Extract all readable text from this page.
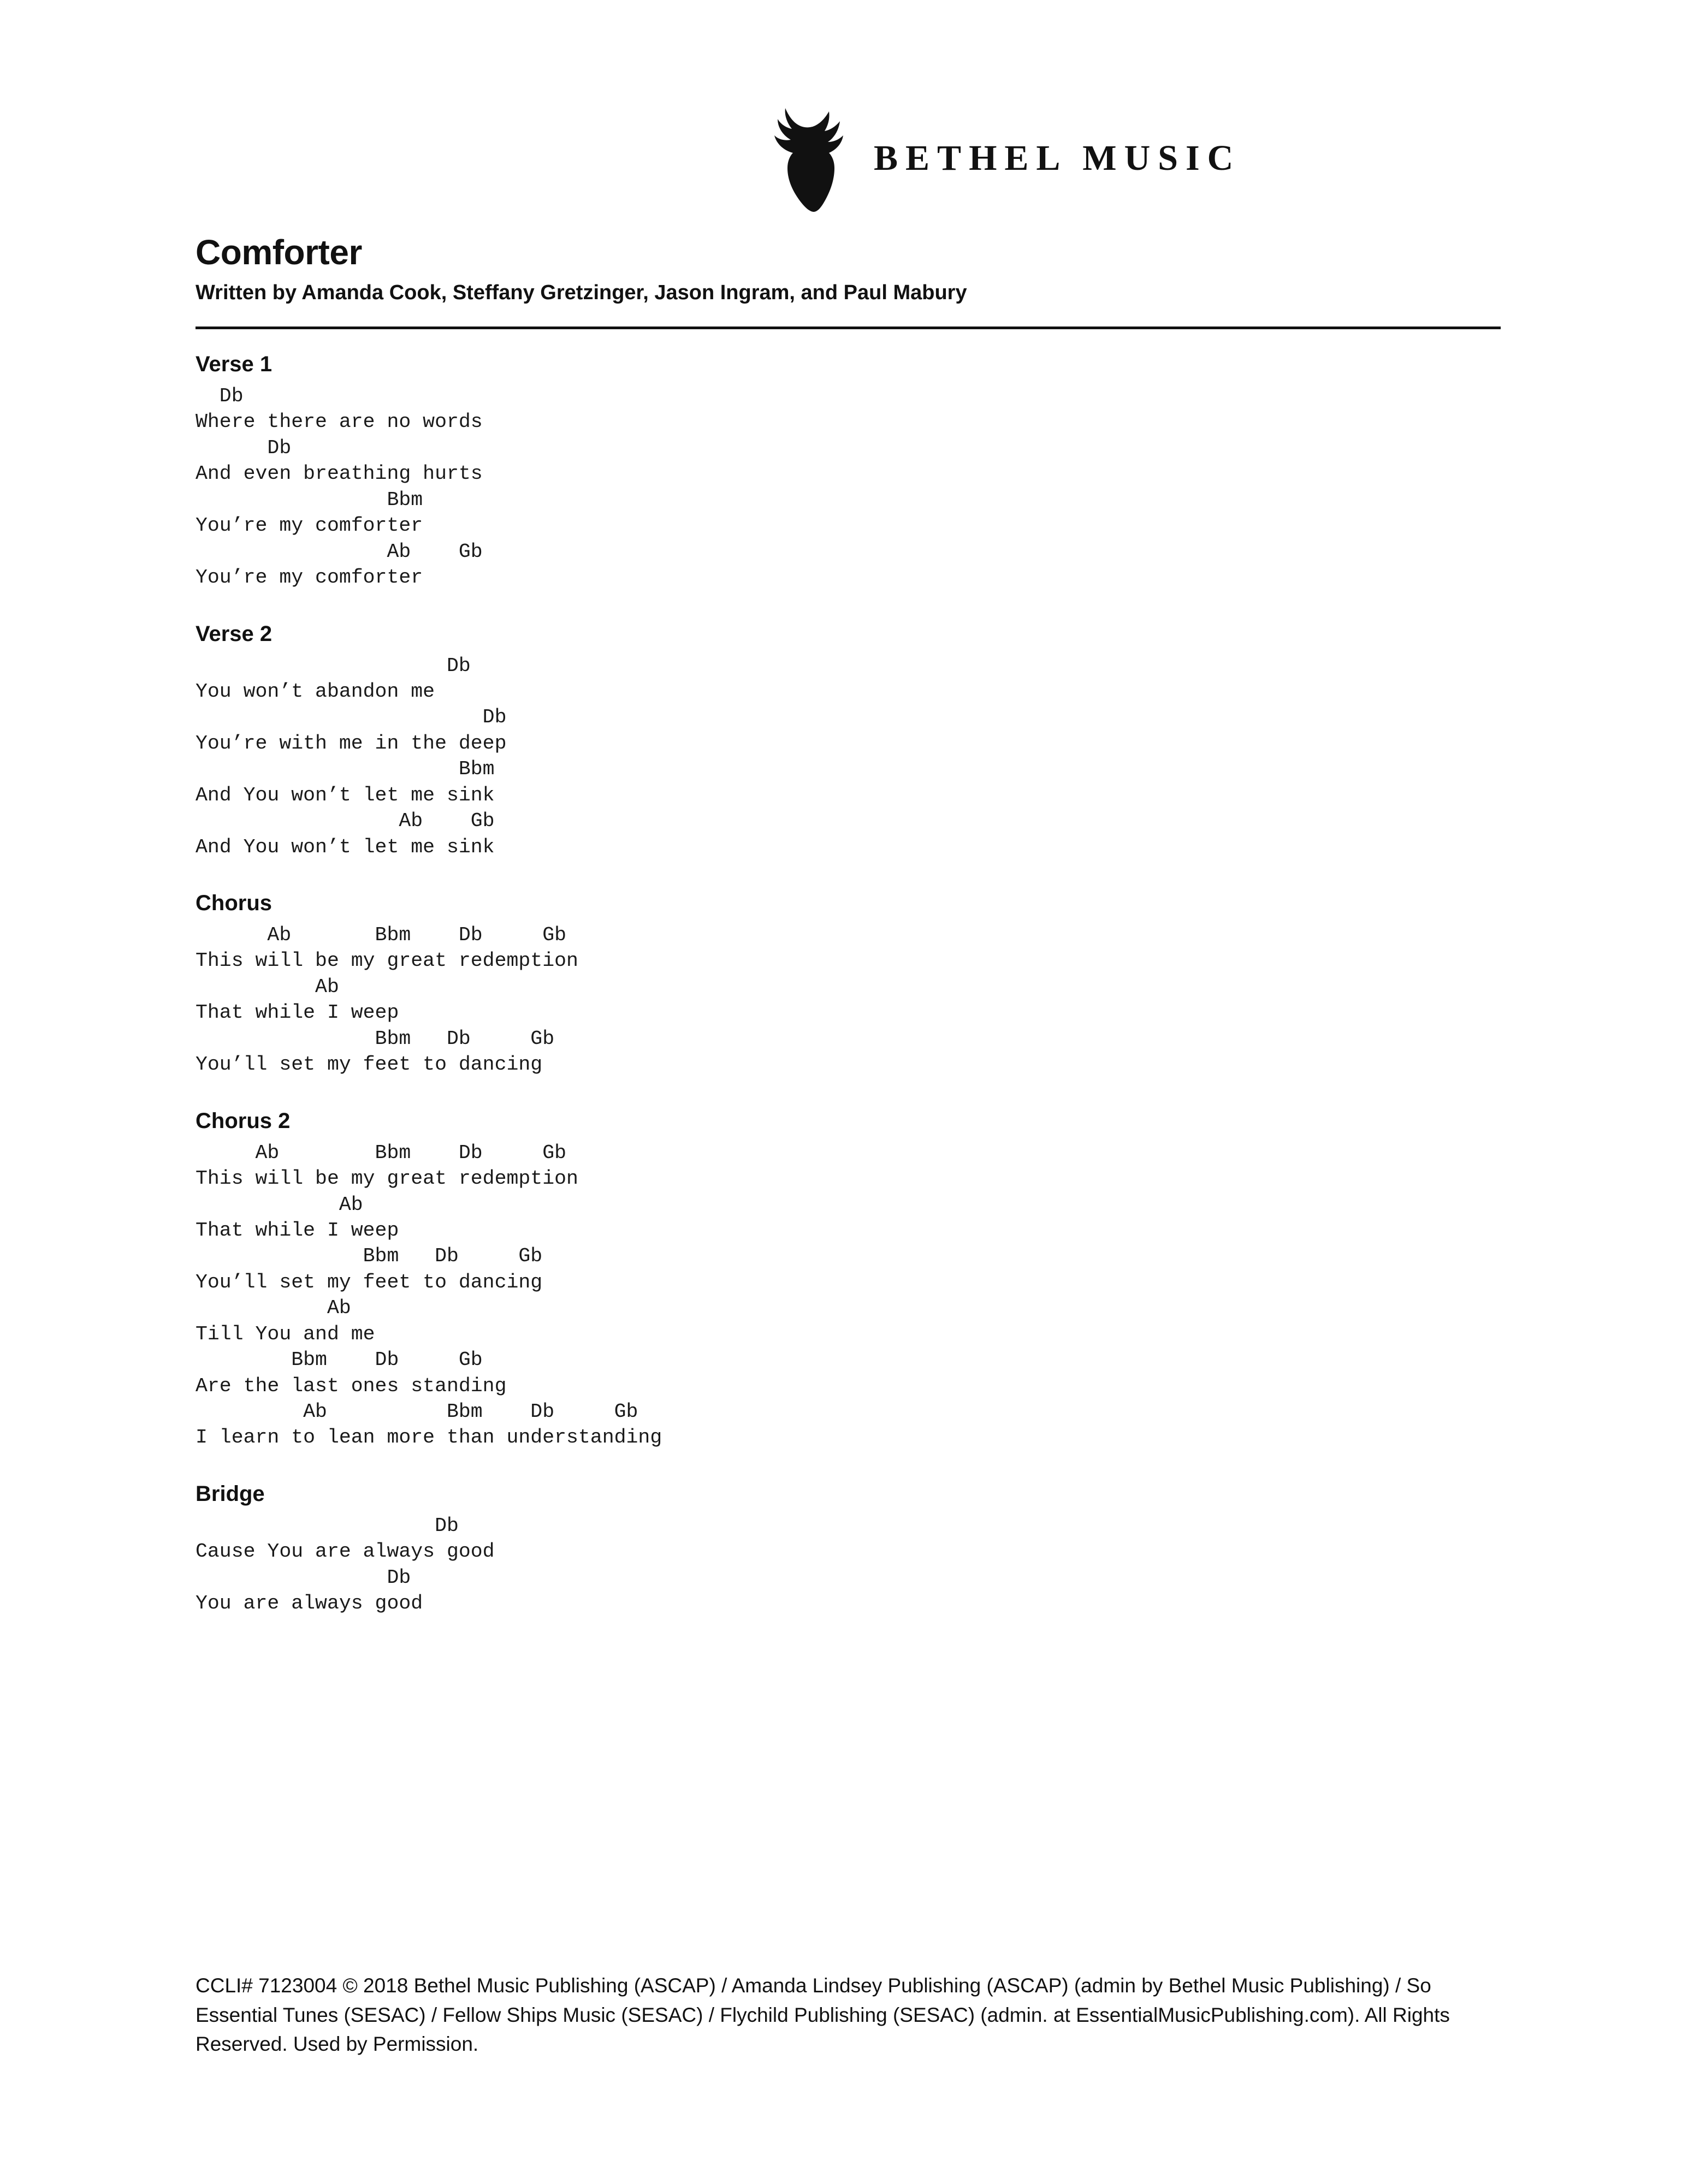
BETHEL MUSIC
Comforter
Written by Amanda Cook, Steffany Gretzinger, Jason Ingram, and Paul Mabury
Verse 1
Db
Where there are no words
Db
And even breathing hurts
Bbm
You’re my comforter
Ab    Gb
You’re my comforter
Verse 2
Db
You won’t abandon me
Db
You’re with me in the deep
Bbm
And You won’t let me sink
Ab    Gb
And You won’t let me sink
Chorus
Ab       Bbm    Db     Gb
This will be my great redemption
Ab
That while I weep
Bbm   Db     Gb
You’ll set my feet to dancing
Chorus 2
Ab        Bbm    Db     Gb
This will be my great redemption
Ab
That while I weep
Bbm   Db     Gb
You’ll set my feet to dancing
Ab
Till You and me
Bbm    Db     Gb
Are the last ones standing
Ab          Bbm    Db     Gb
I learn to lean more than understanding
Bridge
Db
Cause You are always good
Db
You are always good
CCLI# 7123004 © 2018 Bethel Music Publishing (ASCAP) / Amanda Lindsey Publishing (ASCAP) (admin by Bethel Music Publishing) / So Essential Tunes (SESAC) / Fellow Ships Music (SESAC) / Flychild Publishing (SESAC) (admin. at EssentialMusicPublishing.com). All Rights Reserved. Used by Permission.
